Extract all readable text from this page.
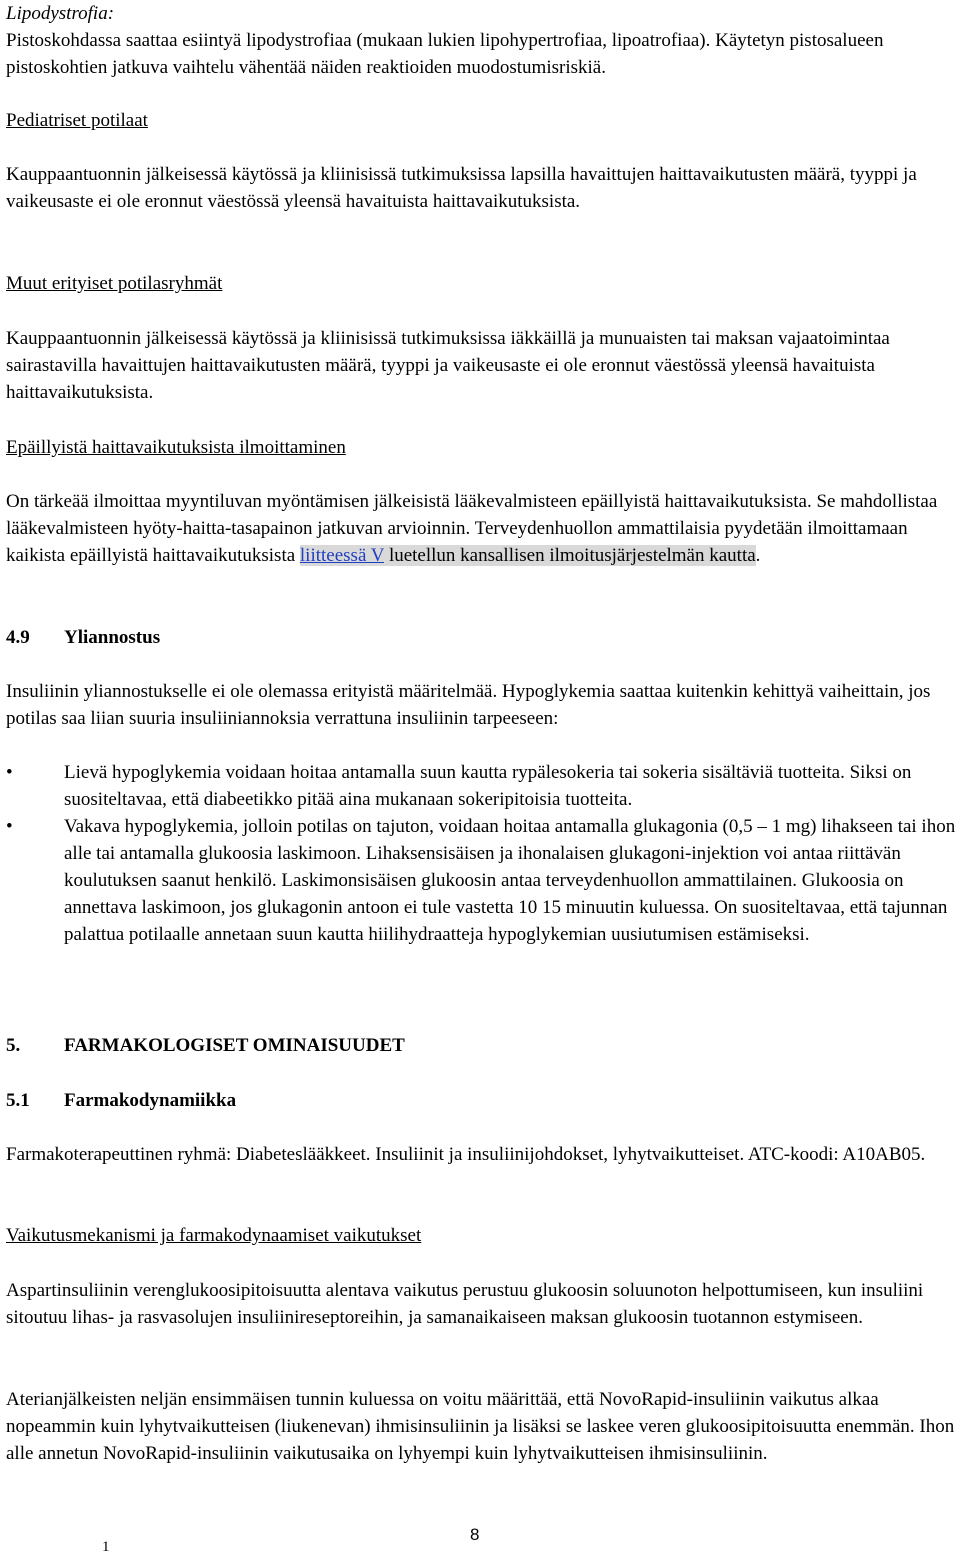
Lipodystrofia:

Pistoskohdassa saattaa esiintyä lipodystrofiaa (mukaan lukien lipohypertrofiaa, lipoatrofiaa). Käytetyn pistosalueen pistoskohtien jatkuva vaihtelu vähentää näiden reaktioiden muodostumisriskiä.

Pediatriset potilaat

Kauppaantuonnin jälkeisessä käytössä ja kliinisissä tutkimuksissa lapsilla havaittujen haittavaikutusten määrä, tyyppi ja vaikeusaste ei ole eronnut väestössä yleensä havaituista haittavaikutuksista.

Muut erityiset potilasryhmät

Kauppaantuonnin jälkeisessä käytössä ja kliinisissä tutkimuksissa iäkkäillä ja munuaisten tai maksan vajaatoimintaa sairastavilla havaittujen haittavaikutusten määrä, tyyppi ja vaikeusaste ei ole eronnut väestössä yleensä havaituista haittavaikutuksista.

Epäillyistä haittavaikutuksista ilmoittaminen

On tärkeää ilmoittaa myyntiluvan myöntämisen jälkeisistä lääkevalmisteen epäillyistä haittavaikutuksista. Se mahdollistaa lääkevalmisteen hyöty-haitta-tasapainon jatkuvan arvioinnin. Terveydenhuollon ammattilaisia pyydetään ilmoittamaan kaikista epäillyistä haittavaikutuksista liitteessä V luetellun kansallisen ilmoitusjärjestelmän kautta.

4.9 Yliannostus

Insuliinin yliannostukselle ei ole olemassa erityistä määritelmää. Hypoglykemia saattaa kuitenkin kehittyä vaiheittain, jos potilas saa liian suuria insuliiniannoksia verrattuna insuliinin tarpeeseen:

•	Lievä hypoglykemia voidaan hoitaa antamalla suun kautta rypälesokeria tai sokeria sisältäviä tuotteita. Siksi on suositeltavaa, että diabeetikko pitää aina mukanaan sokeripitoisia tuotteita.
•	Vakava hypoglykemia, jolloin potilas on tajuton, voidaan hoitaa antamalla glukagonia (0,5 – 1 mg) lihakseen tai ihon alle tai antamalla glukoosia laskimoon. Lihaksensisäisen ja ihonalaisen glukagoni-injektion voi antaa riittävän koulutuksen saanut henkilö. Laskimonsisäisen glukoosin antaa terveydenhuollon ammattilainen. Glukoosia on annettava laskimoon, jos glukagonin antoon ei tule vastetta 10 15 minuutin kuluessa. On suositeltavaa, että tajunnan palattua potilaalle annetaan suun kautta hiilihydraatteja hypoglykemian uusiutumisen estämiseksi.

5. FARMAKOLOGISET OMINAISUUDET

5.1 Farmakodynamiikka

Farmakoterapeuttinen ryhmä: Diabeteslääkkeet. Insuliinit ja insuliinijohdokset, lyhytvaikutteiset. ATC-koodi: A10AB05.

Vaikutusmekanismi ja farmakodynaamiset vaikutukset

Aspartinsuliinin verenglukoosipitoisuutta alentava vaikutus perustuu glukoosin soluunoton helpottumiseen, kun insuliini sitoutuu lihas- ja rasvasolujen insuliinireseptoreihin, ja samanaikaiseen maksan glukoosin tuotannon estymiseen.

Aterianjälkeisten neljän ensimmäisen tunnin kuluessa on voitu määrittää, että NovoRapid-insuliinin vaikutus alkaa nopeammin kuin lyhytvaikutteisen (liukenevan) ihmisinsuliinin ja lisäksi se laskee veren glukoosipitoisuutta enemmän. Ihon alle annetun NovoRapid-insuliinin vaikutusaika on lyhyempi kuin lyhytvaikutteisen ihmisinsuliinin.

8
1
